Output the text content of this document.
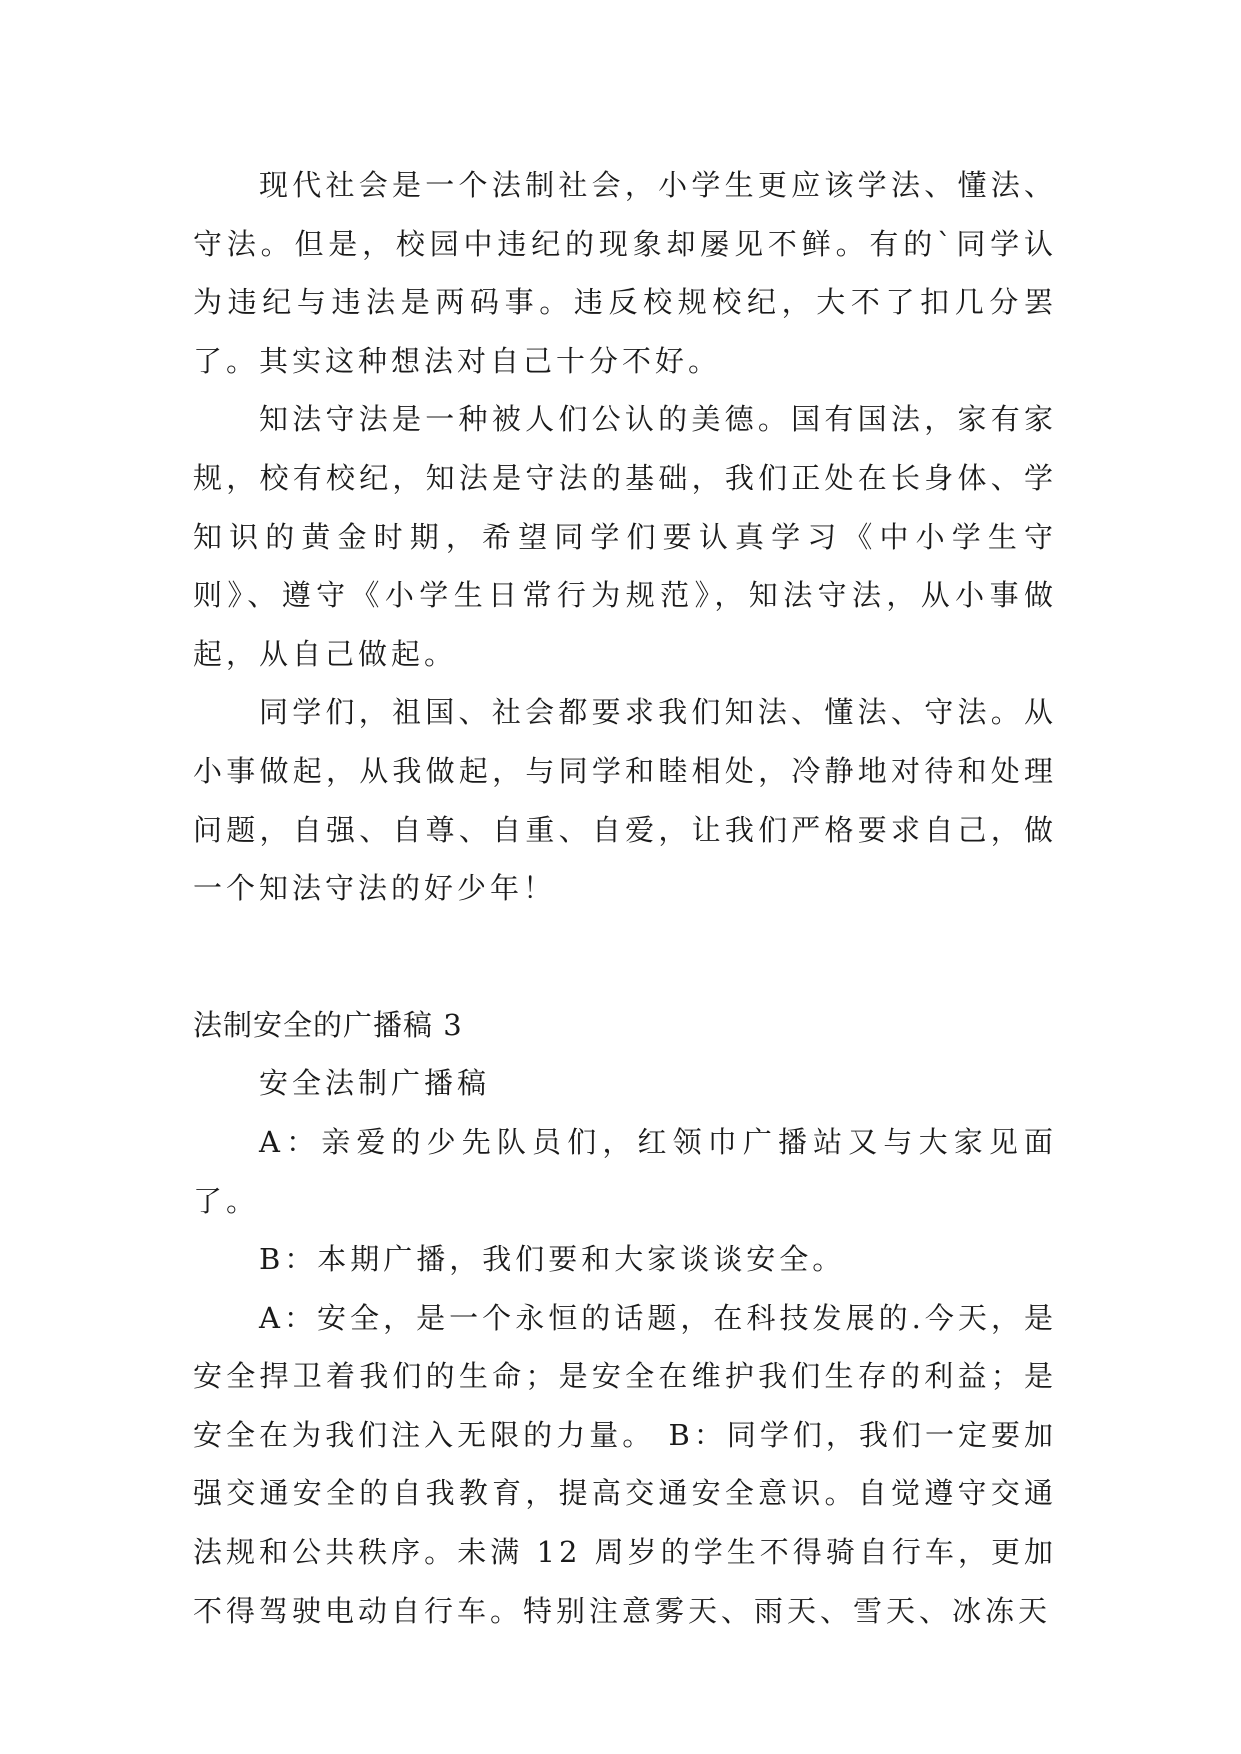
现代社会是一个法制社会，小学生更应该学法、懂法、守法。但是，校园中违纪的现象却屡见不鲜。有的`同学认为违纪与违法是两码事。违反校规校纪，大不了扣几分罢了。其实这种想法对自己十分不好。

知法守法是一种被人们公认的美德。国有国法，家有家规，校有校纪，知法是守法的基础，我们正处在长身体、学知识的黄金时期，希望同学们要认真学习《中小学生守则》、遵守《小学生日常行为规范》，知法守法，从小事做起，从自己做起。

同学们，祖国、社会都要求我们知法、懂法、守法。从小事做起，从我做起，与同学和睦相处，冷静地对待和处理问题，自强、自尊、自重、自爱，让我们严格要求自己，做一个知法守法的好少年！

法制安全的广播稿 3

安全法制广播稿

A：亲爱的少先队员们，红领巾广播站又与大家见面了。

B：本期广播，我们要和大家谈谈安全。

A：安全，是一个永恒的话题，在科技发展的.今天，是安全捍卫着我们的生命；是安全在维护我们生存的利益；是安全在为我们注入无限的力量。 B：同学们，我们一定要加强交通安全的自我教育，提高交通安全意识。自觉遵守交通法规和公共秩序。未满 12 周岁的学生不得骑自行车，更加不得驾驶电动自行车。特别注意雾天、雨天、雪天、冰冻天
